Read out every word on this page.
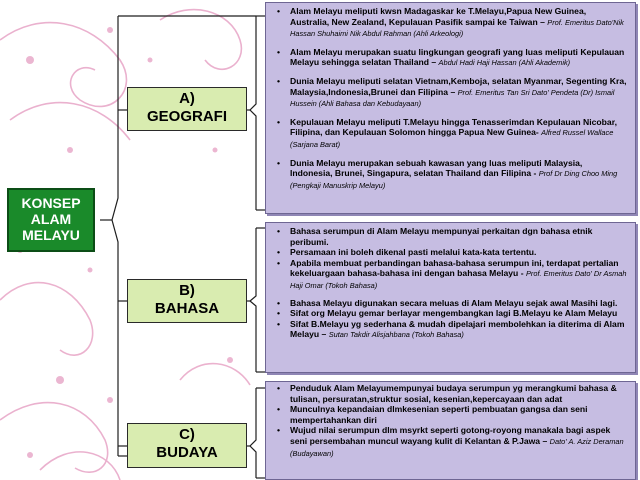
KONSEP
ALAM
MELAYU
A)
GEOGRAFI
B)
BAHASA
C)
BUDAYA
• Alam Melayu meliputi kwsn Madagaskar ke T.Melayu,Papua New Guinea, Australia, New Zealand, Kepulauan Pasifik sampai ke Taiwan – Prof. Emeritus Dato'Nik Hassan Shuhaimi Nik Abdul Rahman (Ahli Arkeologi)
• Alam Melayu merupakan suatu lingkungan geografi yang luas meliputi Kepulauan Melayu sehingga selatan Thailand – Abdul Hadi Haji Hassan (Ahli Akademik)
• Dunia Melayu meliputi selatan Vietnam,Kemboja, selatan Myanmar, Segenting Kra, Malaysia,Indonesia,Brunei dan Filipina – Prof. Emeritus Tan Sri Dato' Pendeta (Dr) Ismail Hussein (Ahli Bahasa dan Kebudayaan)
• Kepulauan Melayu meliputi T.Melayu hingga Tenasserimdan Kepulauan Nicobar, Filipina, dan Kepulauan Solomon hingga Papua New Guinea- Alfred Russel Wallace (Sarjana Barat)
• Dunia Melayu merupakan sebuah kawasan yang luas meliputi Malaysia, Indonesia, Brunei, Singapura, selatan Thailand dan Filipina - Prof Dr Ding Choo Ming (Pengkaji Manuskrip Melayu)
• Bahasa serumpun di Alam Melayu mempunyai perkaitan dgn bahasa etnik peribumi.
• Persamaan ini boleh dikenal pasti melalui kata-kata tertentu.
• Apabila membuat perbandingan bahasa-bahasa serumpun ini, terdapat pertalian kekeluargaan bahasa-bahasa ini dengan bahasa Melayu - Prof. Emeritus Dato' Dr Asmah Haji Omar (Tokoh Bahasa)
• Bahasa Melayu digunakan secara meluas di Alam Melayu sejak awal Masihi lagi.
• Sifat org Melayu gemar berlayar mengembangkan lagi B.Melayu ke Alam Melayu
• Sifat B.Melayu yg sederhana & mudah dipelajari membolehkan ia diterima di Alam Melayu – Sutan Takdir Alisjahbana (Tokoh Bahasa)
• Penduduk Alam Melayumempunyai budaya serumpun yg merangkumi bahasa & tulisan, persuratan,struktur sosial, kesenian,kepercayaan dan adat
• Munculnya kepandaian dlmkesenian seperti pembuatan gangsa dan seni mempertahankan diri
• Wujud nilai serumpun dlm msyrkt seperti gotong-royong manakala bagi aspek seni persembahan muncul wayang kulit di Kelantan & P.Jawa – Dato' A. Aziz Deraman (Budayawan)
